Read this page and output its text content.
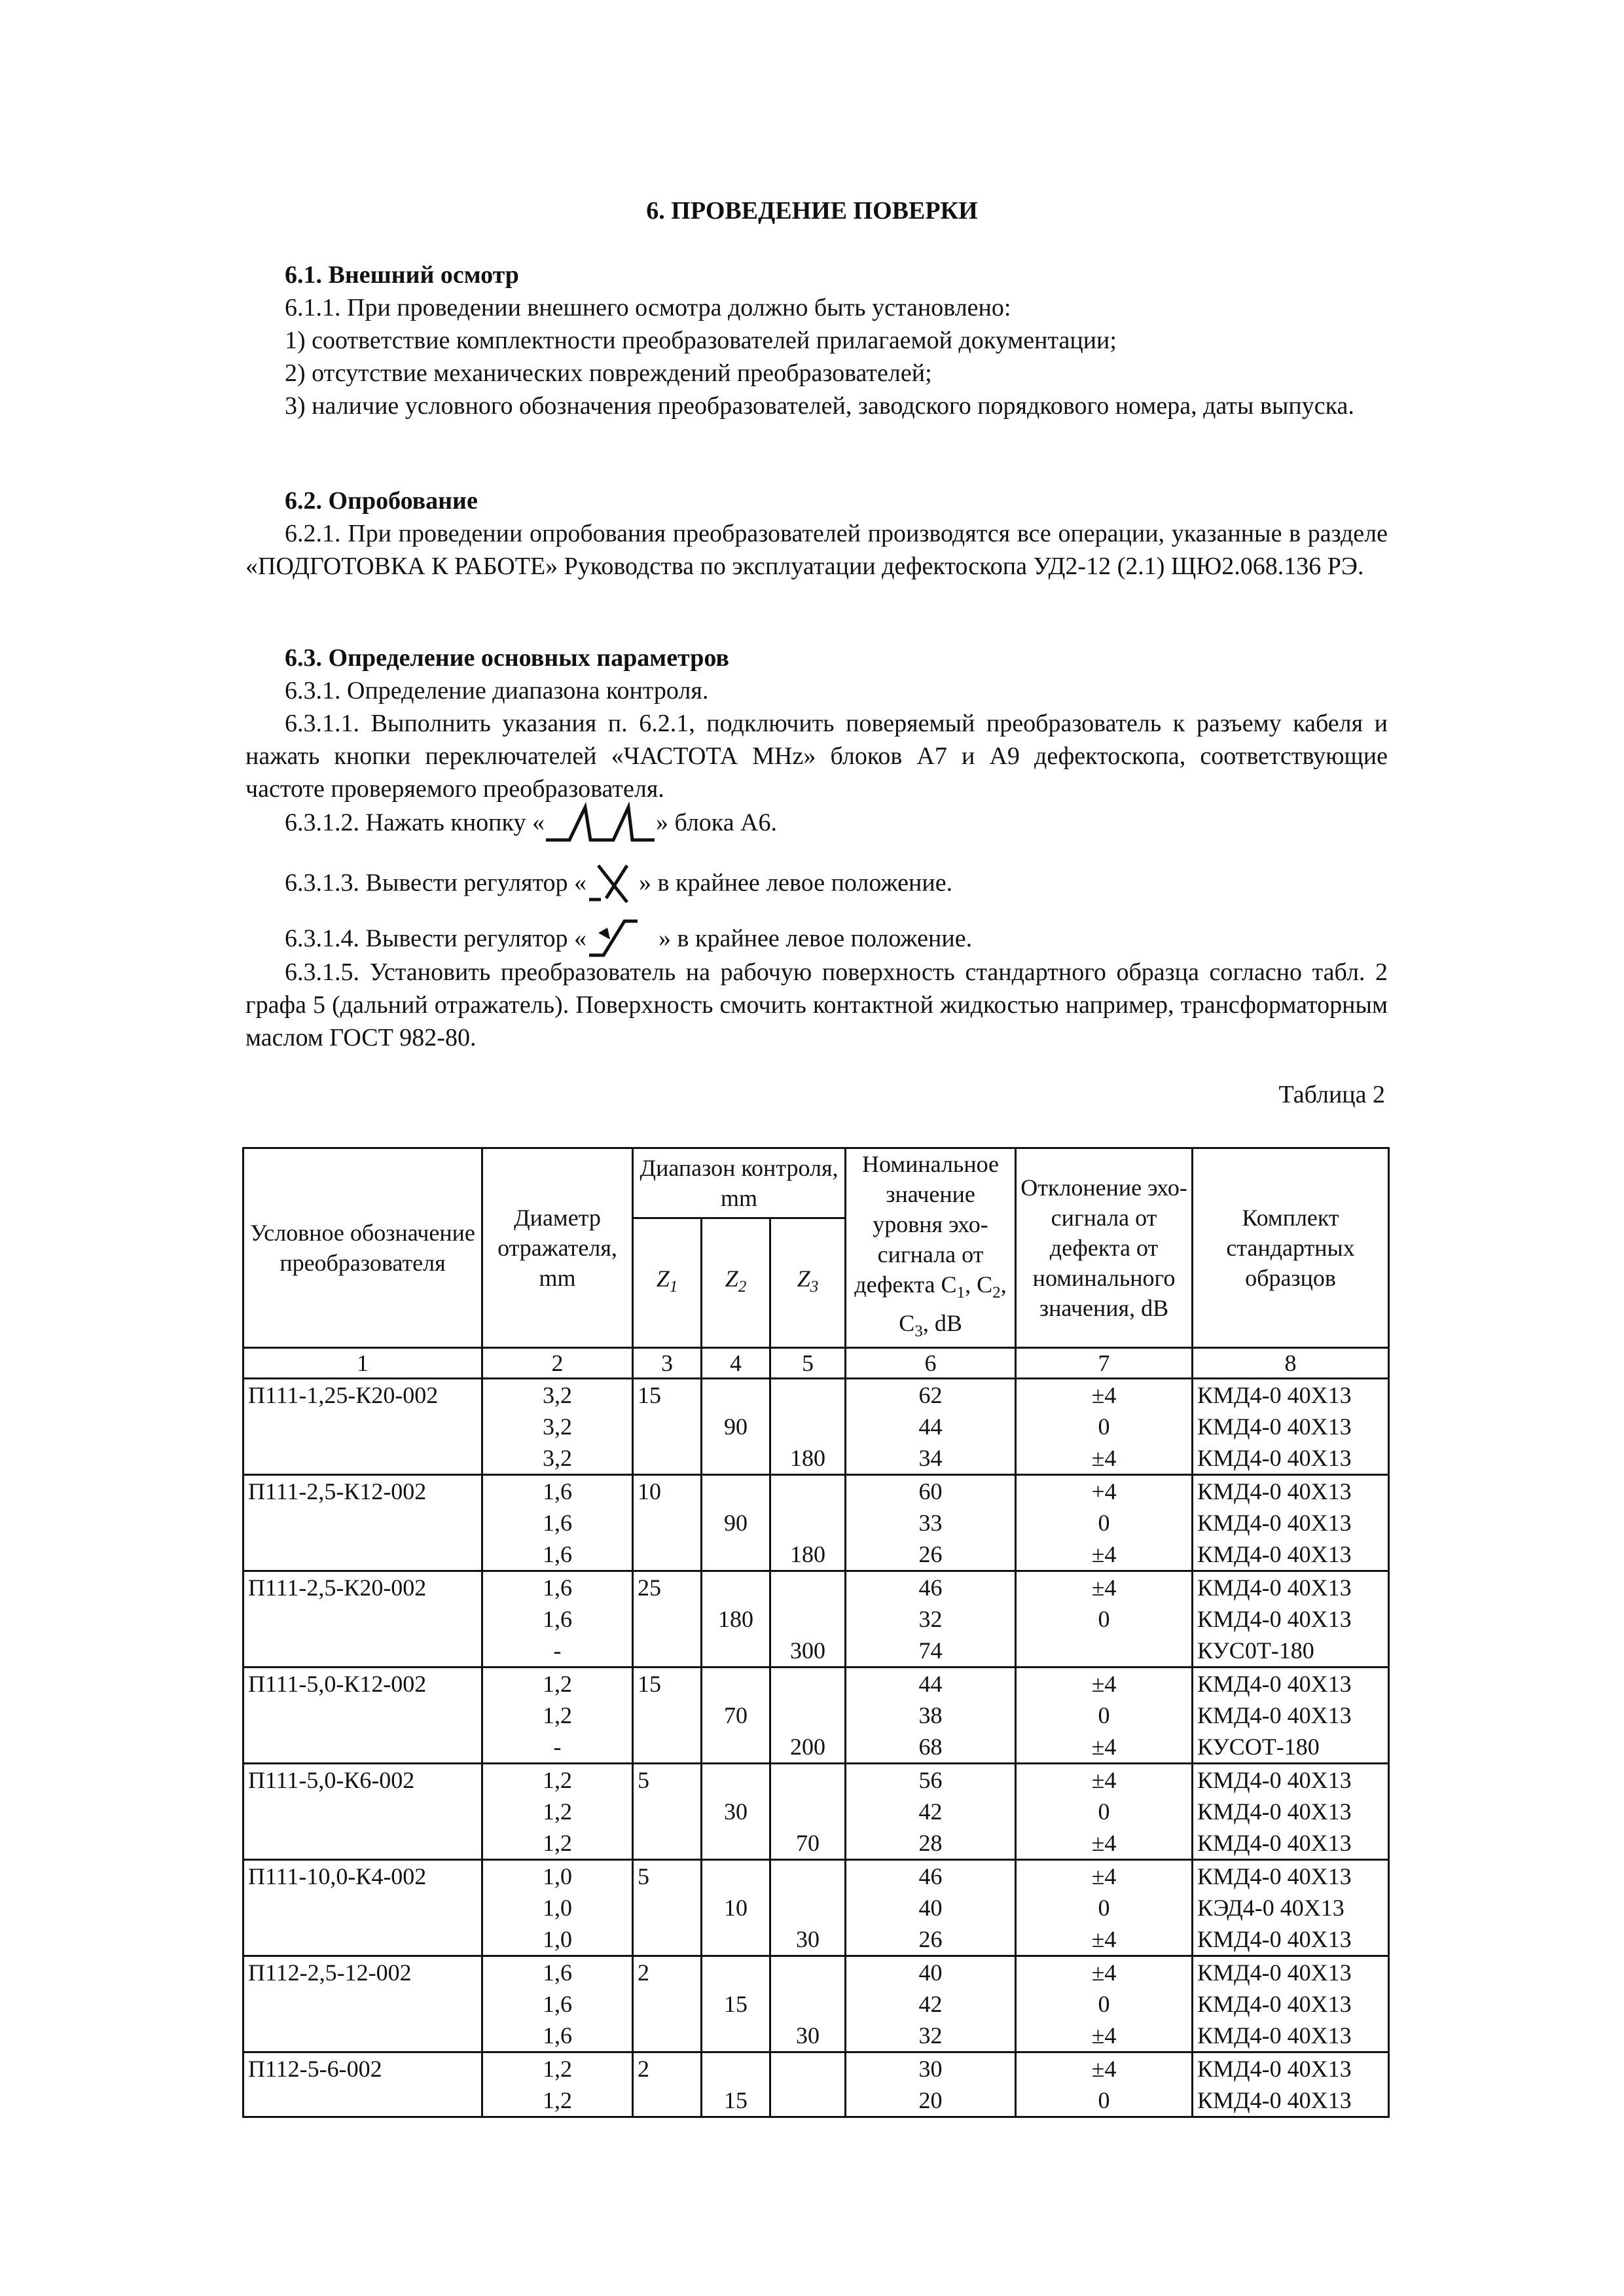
6. ПРОВЕДЕНИЕ ПОВЕРКИ

6.1. Внешний осмотр

6.1.1. При проведении внешнего осмотра должно быть установлено:

1) соответствие комплектности преобразователей прилагаемой документации;

2) отсутствие механических повреждений преобразователей;

3) наличие условного обозначения преобразователей, заводского порядкового номера, даты выпуска.

6.2. Опробование

6.2.1. При проведении опробования преобразователей производятся все операции, указанные в разделе «ПОДГОТОВКА К РАБОТЕ» Руководства по эксплуатации дефектоскопа УД2-12 (2.1) ЩЮ2.068.136 РЭ.

6.3. Определение основных параметров

6.3.1. Определение диапазона контроля.

6.3.1.1. Выполнить указания п. 6.2.1, подключить поверяемый преобразователь к разъему кабеля и нажать кнопки переключателей «ЧАСТОТА MHz» блоков А7 и А9 дефектоскопа, соответствующие частоте проверяемого преобразователя.

6.3.1.2. Нажать кнопку «	» блока А6.

6.3.1.3. Вывести регулятор « » в крайнее левое положение.

6.3.1.4. Вывести регулятор «	» в крайнее левое положение.

6.3.1.5. Установить преобразователь на рабочую поверхность стандартного образца согласно табл. 2 графа 5 (дальний отражатель). Поверхность смочить контактной жидкостью например, трансформаторным маслом ГОСТ 982-80.

Таблица 2
Условное обозначение преобразователя	Диаметр отражателя, mm	Диапазон контроля, mm			Номинальное значение уровня эхо-сигнала от дефекта $C_1$, $C_2$, $C_3$, dB	Отклонение эхо-сигнала от дефекта от номинального значения, dB	Комплект стандартных образцов
		$Z_1$	$Z_2$	$Z_3$
1	2	3	4	5	6	7	8
П111-1,25-К20-002	3,2	15			62	±4	КМД4-0 40Х13
	3,2		90		44	0	КМД4-0 40Х13
	3,2			180	34	±4	КМД4-0 40Х13
П111-2,5-К12-002	1,6	10			60	+4	КМД4-0 40Х13
	1,6		90		33	0	КМД4-0 40Х13
	1,6			180	26	±4	КМД4-0 40Х13
П111-2,5-К20-002	1,6	25			46	±4	КМД4-0 40Х13
	1,6		180		32	0	КМД4-0 40Х13
	-			300	74		КУС0Т-180
П111-5,0-К12-002	1,2	15			44	±4	КМД4-0 40Х13
	1,2		70		38	0	КМД4-0 40Х13
	-			200	68	±4	КУСОТ-180
П111-5,0-К6-002	1,2	5			56	±4	КМД4-0 40Х13
	1,2		30		42	0	КМД4-0 40Х13
	1,2			70	28	±4	КМД4-0 40Х13
П111-10,0-К4-002	1,0	5			46	±4	КМД4-0 40Х13
	1,0		10		40	0	КЭД4-0 40Х13
	1,0			30	26	±4	КМД4-0 40Х13
П112-2,5-12-002	1,6	2			40	±4	КМД4-0 40Х13
	1,6		15		42	0	КМД4-0 40Х13
	1,6			30	32	±4	КМД4-0 40Х13
П112-5-6-002	1,2	2			30	±4	КМД4-0 40Х13
	1,2		15		20	0	КМД4-0 40Х13
